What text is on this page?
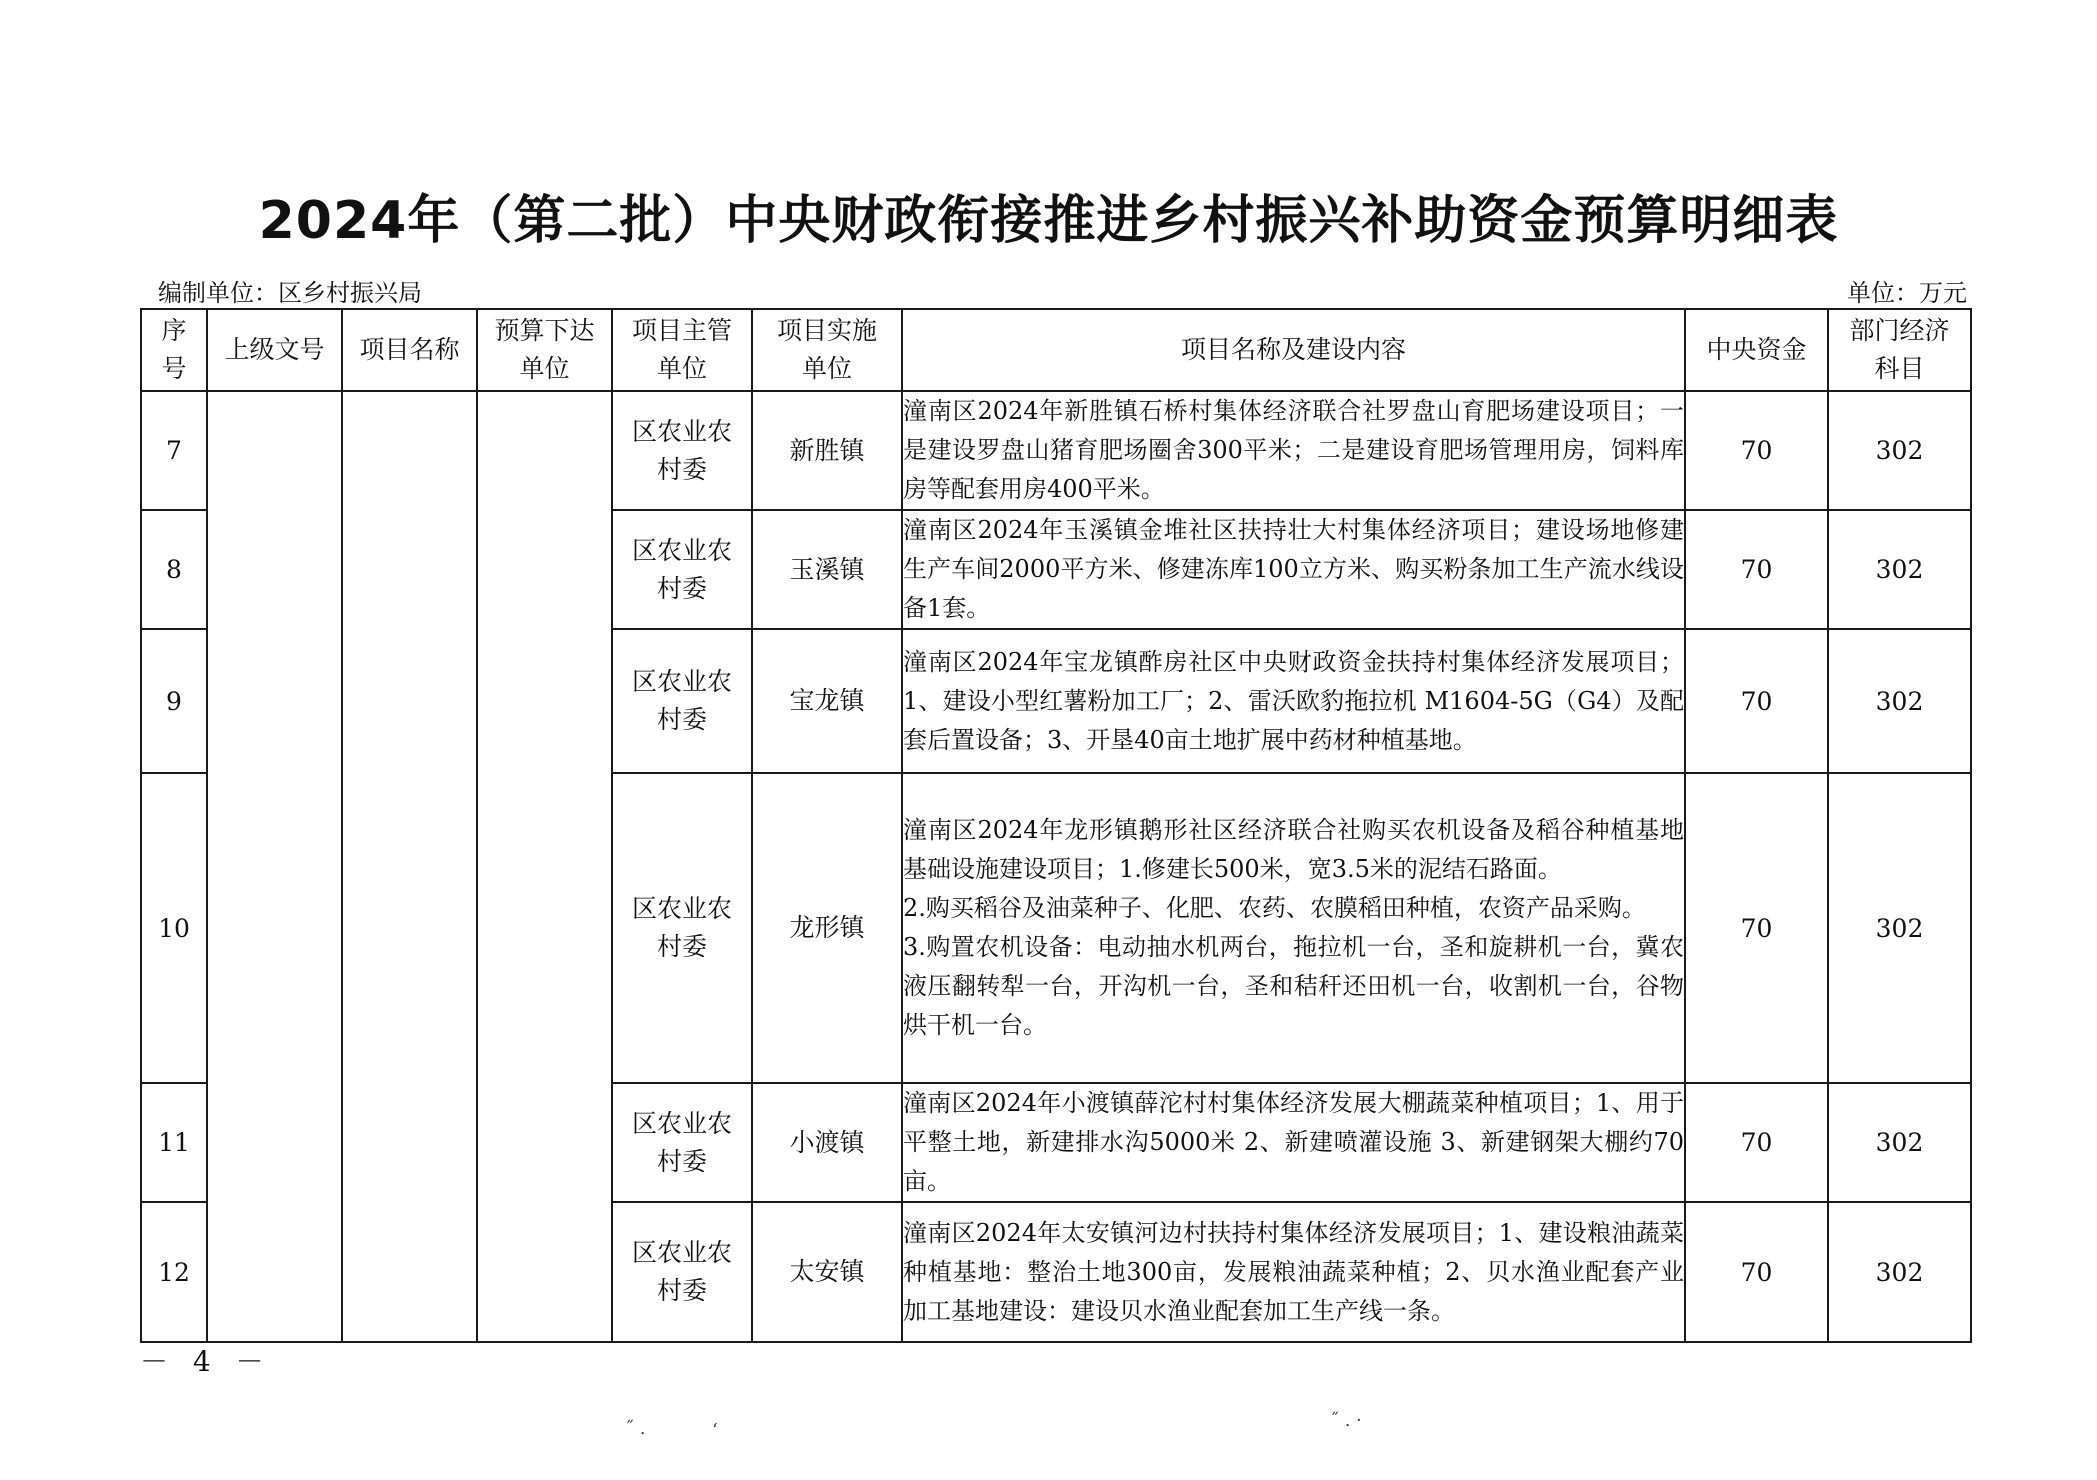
2024年（第二批）中央财政衔接推进乡村振兴补助资金预算明细表
编制单位：区乡村振兴局	单位：万元
序号	上级文号	项目名称	预算下达单位	项目主管单位	项目实施单位	项目名称及建设内容	中央资金	部门经济科目

7				区农业农村委	新胜镇	潼南区2024年新胜镇石桥村集体经济联合社罗盘山育肥场建设项目；一是建设罗盘山猪育肥场圈舍300平米；二是建设育肥场管理用房，饲料库房等配套用房400平米。	70	302
8				区农业农村委	玉溪镇	潼南区2024年玉溪镇金堆社区扶持壮大村集体经济项目；建设场地修建生产车间2000平方米、修建冻库100立方米、购买粉条加工生产流水线设备1套。	70	302
9				区农业农村委	宝龙镇	潼南区2024年宝龙镇酢房社区中央财政资金扶持村集体经济发展项目；1、建设小型红薯粉加工厂；2、雷沃欧豹拖拉机 M1604-5G（G4）及配套后置设备；3、开垦40亩土地扩展中药材种植基地。	70	302
10				区农业农村委	龙形镇	潼南区2024年龙形镇鹅形社区经济联合社购买农机设备及稻谷种植基地基础设施建设项目；1.修建长500米，宽3.5米的泥结石路面。
2.购买稻谷及油菜种子、化肥、农药、农膜稻田种植，农资产品采购。
3.购置农机设备：电动抽水机两台，拖拉机一台，圣和旋耕机一台，冀农液压翻转犁一台，开沟机一台，圣和秸秆还田机一台，收割机一台，谷物烘干机一台。	70	302
11				区农业农村委	小渡镇	潼南区2024年小渡镇薛沱村村集体经济发展大棚蔬菜种植项目；1、用于平整土地，新建排水沟5000米 2、新建喷灌设施 3、新建钢架大棚约70亩。	70	302
12				区农业农村委	太安镇	潼南区2024年太安镇河边村扶持村集体经济发展项目；1、建设粮油蔬菜种植基地：整治土地300亩，发展粮油蔬菜种植；2、贝水渔业配套产业加工基地建设：建设贝水渔业配套加工生产线一条。	70	302
－ 4 －
˝ .	‘	˝ . ·
